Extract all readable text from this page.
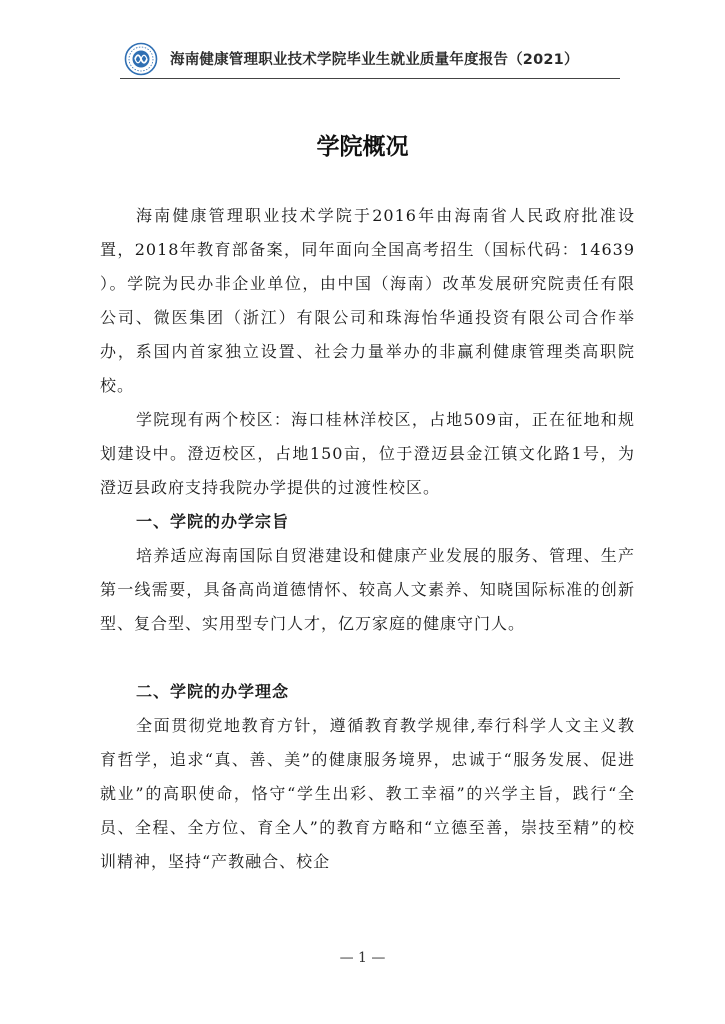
海南健康管理职业技术学院毕业生就业质量年度报告（2021）
学院概况
海南健康管理职业技术学院于2016年由海南省人民政府批准设置，2018年教育部备案，同年面向全国高考招生（国标代码：14639 ）。学院为民办非企业单位，由中国（海南）改革发展研究院责任有限公司、微医集团（浙江）有限公司和珠海怡华通投资有限公司合作举办，系国内首家独立设置、社会力量举办的非赢利健康管理类高职院校。
学院现有两个校区：海口桂林洋校区，占地509亩，正在征地和规划建设中。澄迈校区，占地150亩，位于澄迈县金江镇文化路1号，为澄迈县政府支持我院办学提供的过渡性校区。
一、学院的办学宗旨
培养适应海南国际自贸港建设和健康产业发展的服务、管理、生产第一线需要，具备高尚道德情怀、较高人文素养、知晓国际标准的创新型、复合型、实用型专门人才，亿万家庭的健康守门人。
二、学院的办学理念
全面贯彻党地教育方针，遵循教育教学规律,奉行科学人文主义教育哲学，追求“真、善、美”的健康服务境界，忠诚于“服务发展、促进就业”的高职使命，恪守“学生出彩、教工幸福”的兴学主旨，践行“全员、全程、全方位、育全人”的教育方略和“立德至善，崇技至精”的校训精神，坚持“产教融合、校企
— 1 —
